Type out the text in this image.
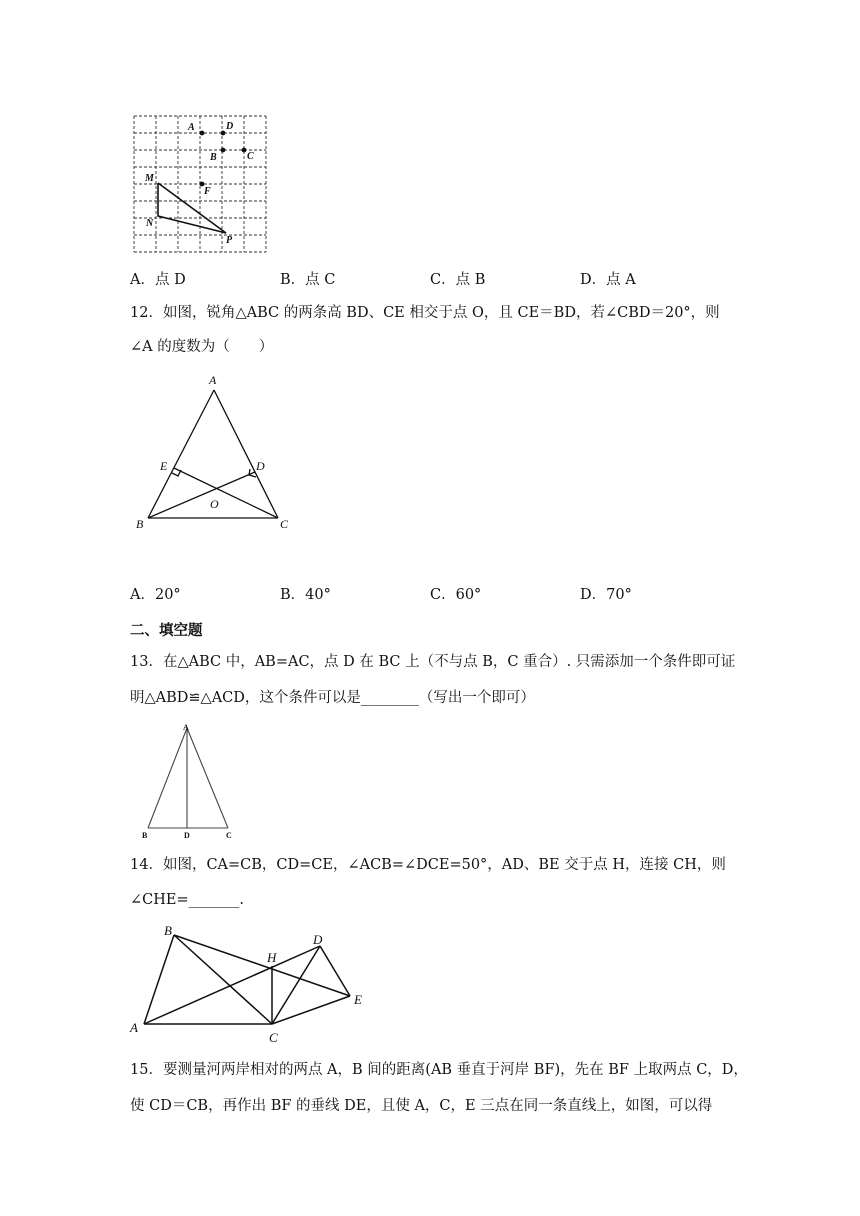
A	D
B	C
M
F
N
P
A．点 D	B．点 C	C．点 B	D．点 A
12．如图，锐角△ABC 的两条高 BD、CE 相交于点 O，且 CE＝BD，若∠CBD＝20°，则
∠A 的度数为（　　）
A
E	D
O
B	C
A．20°	B．40°	C．60°	D．70°
二、填空题
13．在△ABC 中，AB=AC，点 D 在 BC 上（不与点 B，C 重合）. 只需添加一个条件即可证
明△ABD≌△ACD，这个条件可以是________（写出一个即可）
A
B	D	C
14．如图，CA=CB，CD=CE，∠ACB=∠DCE=50°，AD、BE 交于点 H，连接 CH，则
∠CHE=_______.
B
H
D
E
A
C
15．要测量河两岸相对的两点 A，B 间的距离(AB 垂直于河岸 BF)，先在 BF 上取两点 C，D，
使 CD＝CB，再作出 BF 的垂线 DE，且使 A，C，E 三点在同一条直线上，如图，可以得
